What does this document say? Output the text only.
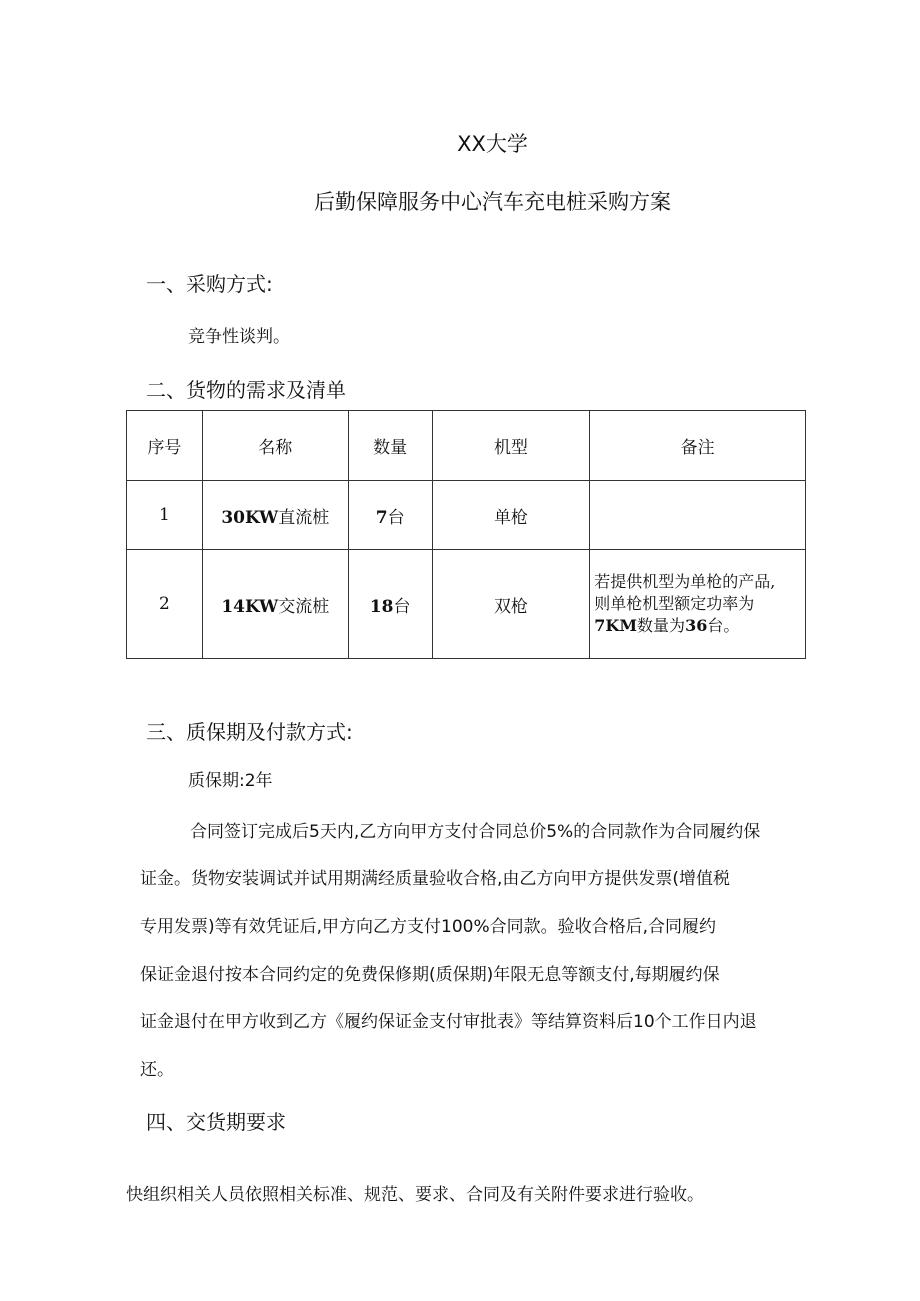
XX大学
后勤保障服务中心汽车充电桩采购方案
一、采购方式:
竞争性谈判。
二、货物的需求及清单
序号	名称	数量	机型	备注
1	30KW直流桩	7台	单枪	
2	14KW交流桩	18台	双枪	若提供机型为单枪的产品,
则单枪机型额定功率为
7KM数量为36台。
三、质保期及付款方式:
质保期:2年
合同签订完成后5天内,乙方向甲方支付合同总价5%的合同款作为合同履约保
证金。货物安装调试并试用期满经质量验收合格,由乙方向甲方提供发票(增值税
专用发票)等有效凭证后,甲方向乙方支付100%合同款。验收合格后,合同履约
保证金退付按本合同约定的免费保修期(质保期)年限无息等额支付,每期履约保
证金退付在甲方收到乙方《履约保证金支付审批表》等结算资料后10个工作日内退
还。
四、交货期要求
快组织相关人员依照相关标准、规范、要求、合同及有关附件要求进行验收。
